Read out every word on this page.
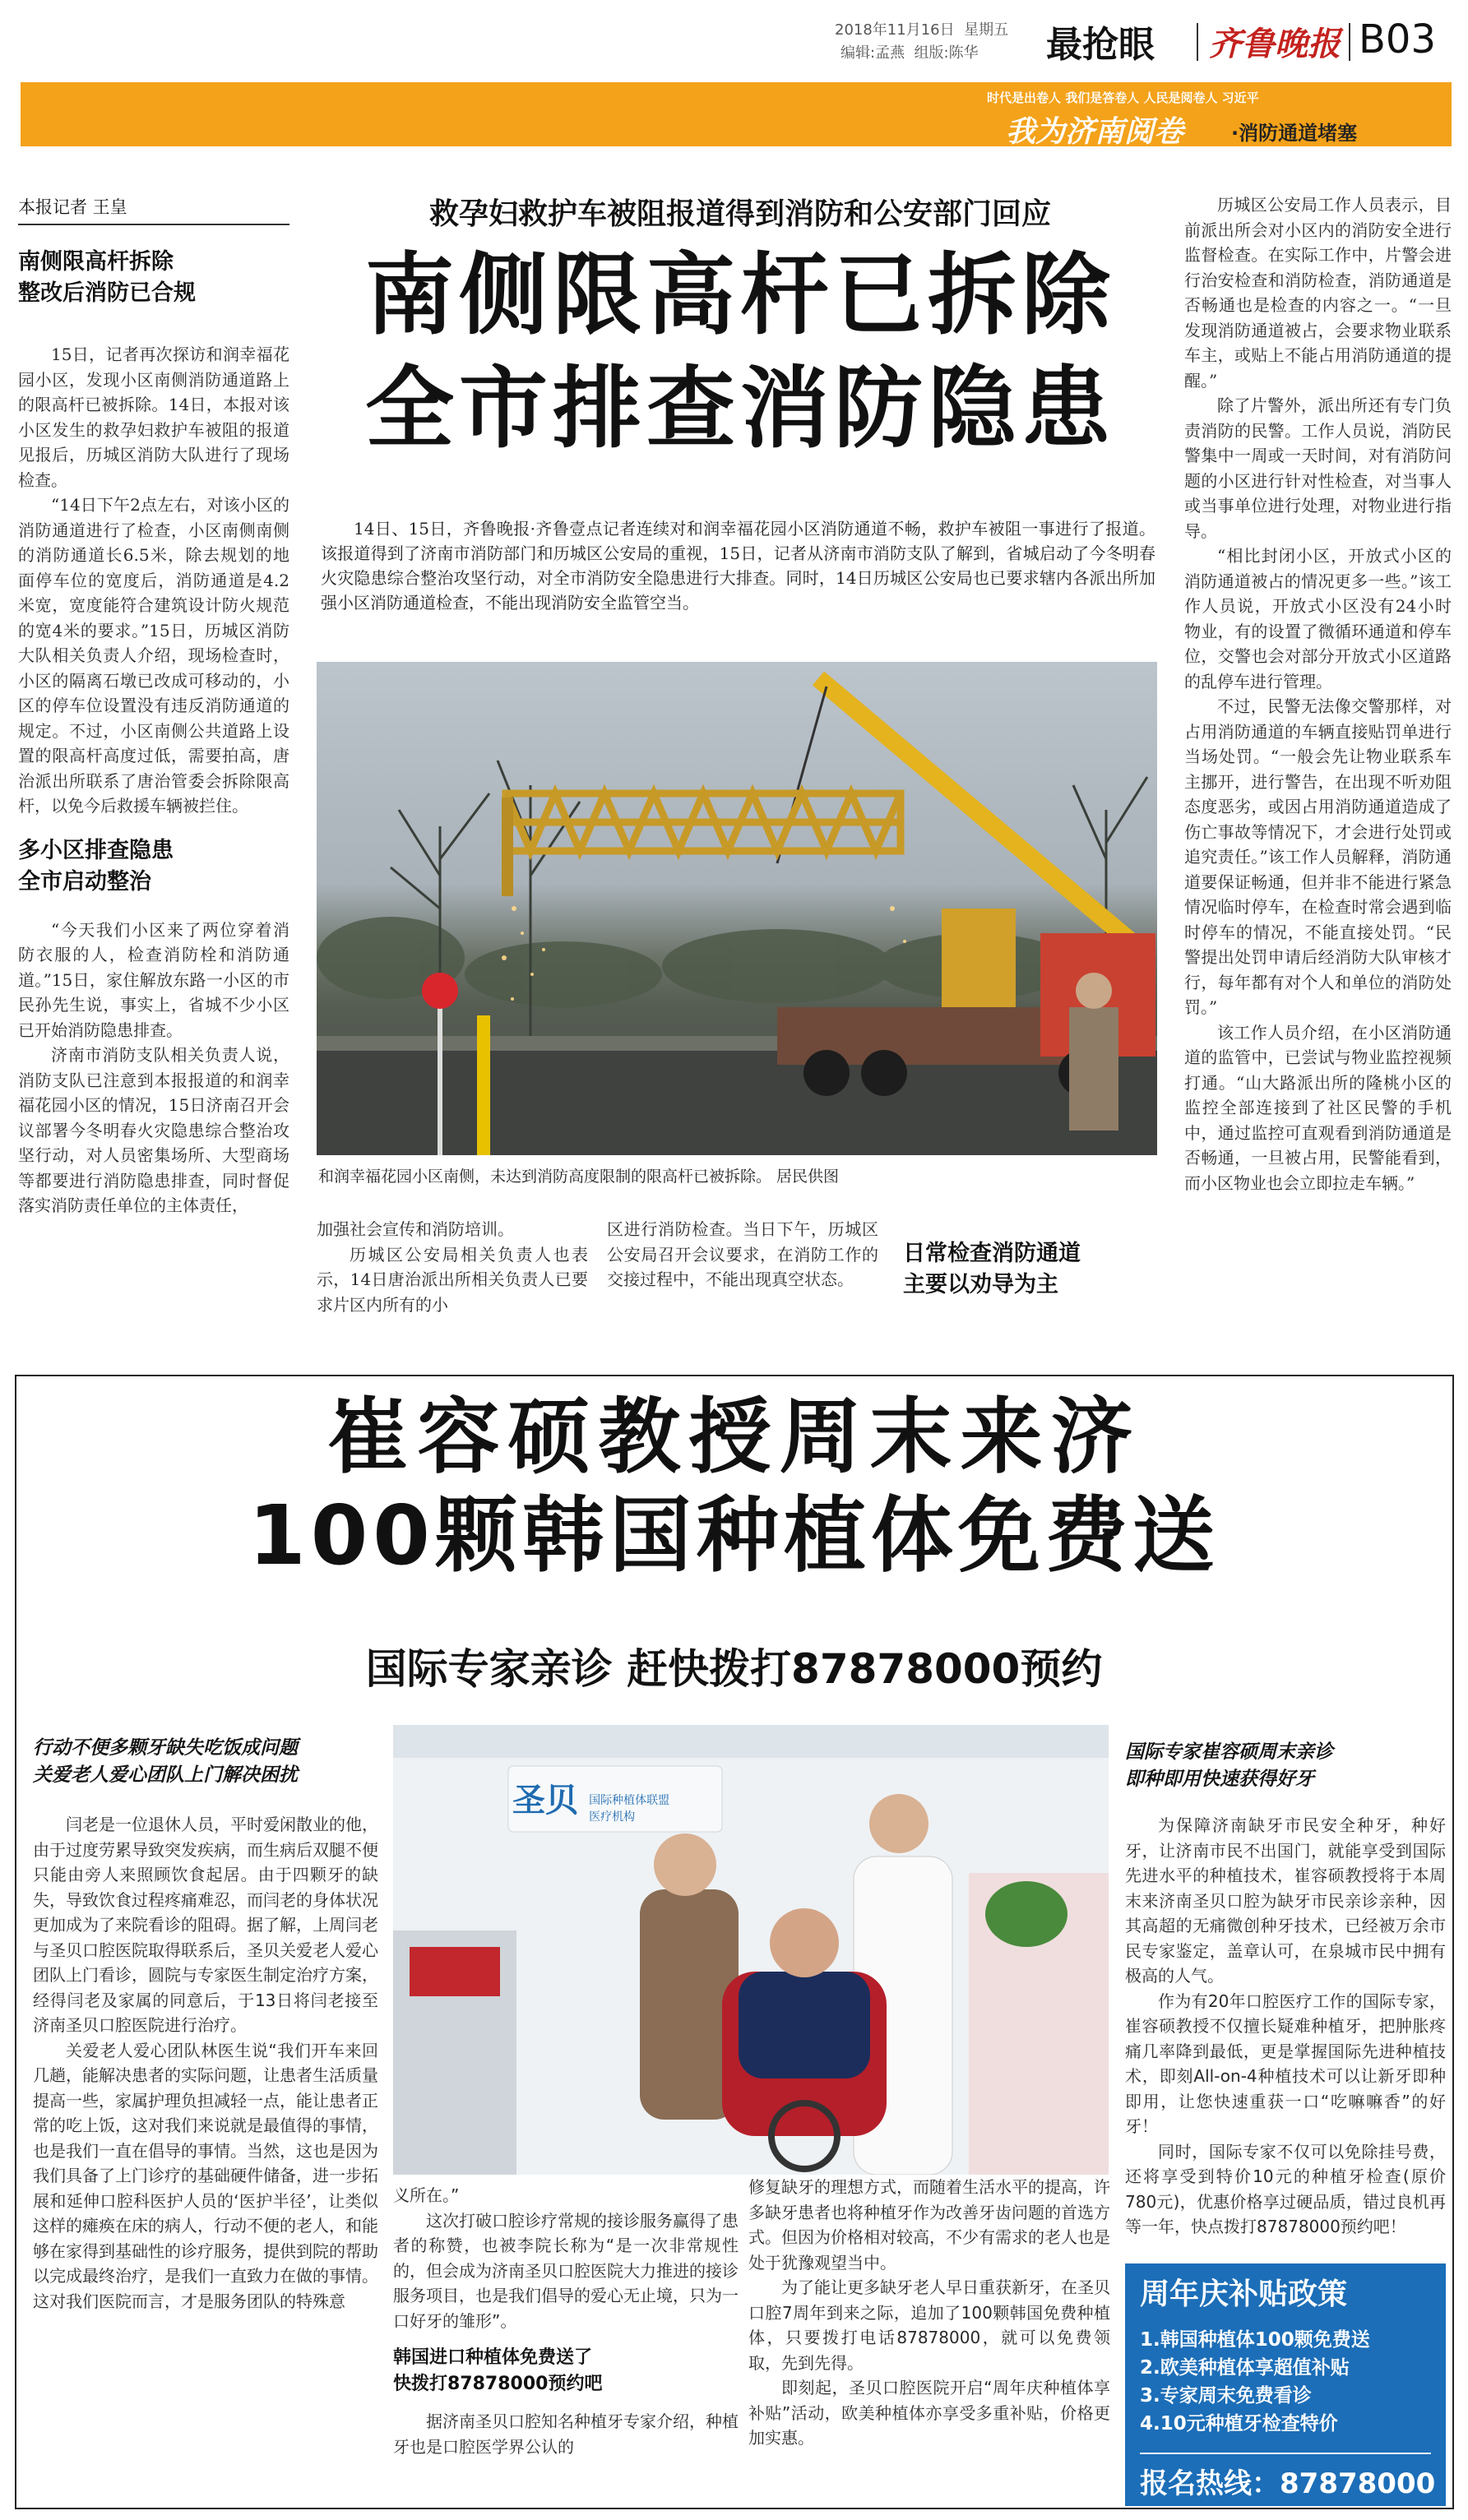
2018年11月16日 星期五
编辑:孟燕 组版:陈华 最抢眼 齐鲁晚报 B03
时代是出卷人 我们是答卷人 人民是阅卷人 习近平
我为济南阅卷 ·消防通道堵塞
本报记者 王皇
南侧限高杆拆除
整改后消防已合规

15日，记者再次探访和润幸福花园小区，发现小区南侧消防通道路上的限高杆已被拆除。14日，本报对该小区发生的救孕妇救护车被阻的报道见报后，历城区消防大队进行了现场检查。

“14日下午2点左右，对该小区的消防通道进行了检查，小区南侧南侧的消防通道长6.5米，除去规划的地面停车位的宽度后，消防通道是4.2米宽，宽度能符合建筑设计防火规范的宽4米的要求。”15日，历城区消防大队相关负责人介绍，现场检查时，小区的隔离石墩已改成可移动的，小区的停车位设置没有违反消防通道的规定。不过，小区南侧公共道路上设置的限高杆高度过低，需要拍高，唐治派出所联系了唐治管委会拆除限高杆，以免今后救援车辆被拦住。

多小区排查隐患
全市启动整治

“今天我们小区来了两位穿着消防衣服的人，检查消防栓和消防通道。”15日，家住解放东路一小区的市民孙先生说，事实上，省城不少小区已开始消防隐患排查。

济南市消防支队相关负责人说，消防支队已注意到本报报道的和润幸福花园小区的情况，15日济南召开会议部署今冬明春火灾隐患综合整治攻坚行动，对人员密集场所、大型商场等都要进行消防隐患排查，同时督促落实消防责任单位的主体责任，

救孕妇救护车被阻报道得到消防和公安部门回应
南侧限高杆已拆除
全市排查消防隐患

14日、15日，齐鲁晚报·齐鲁壹点记者连续对和润幸福花园小区消防通道不畅，救护车被阻一事进行了报道。该报道得到了济南市消防部门和历城区公安局的重视，15日，记者从济南市消防支队了解到，省城启动了今冬明春火灾隐患综合整治攻坚行动，对全市消防安全隐患进行大排查。同时，14日历城区公安局也已要求辖内各派出所加强小区消防通道检查，不能出现消防安全监管空当。

和润幸福花园小区南侧，未达到消防高度限制的限高杆已被拆除。 居民供图

加强社会宣传和消防培训。

历城区公安局相关负责人也表示，14日唐治派出所相关负责人已要求片区内所有的小

区进行消防检查。当日下午，历城区公安局召开会议要求，在消防工作的交接过程中，不能出现真空状态。

日常检查消防通道
主要以劝导为主

历城区公安局工作人员表示，目前派出所会对小区内的消防安全进行监督检查。在实际工作中，片警会进行治安检查和消防检查，消防通道是否畅通也是检查的内容之一。“一旦发现消防通道被占，会要求物业联系车主，或贴上不能占用消防通道的提醒。”

除了片警外，派出所还有专门负责消防的民警。工作人员说，消防民警集中一周或一天时间，对有消防问题的小区进行针对性检查，对当事人或当事单位进行处理，对物业进行指导。

“相比封闭小区，开放式小区的消防通道被占的情况更多一些。”该工作人员说，开放式小区没有24小时物业，有的设置了微循环通道和停车位，交警也会对部分开放式小区道路的乱停车进行管理。

不过，民警无法像交警那样，对占用消防通道的车辆直接贴罚单进行当场处罚。“一般会先让物业联系车主挪开，进行警告，在出现不听劝阻态度恶劣，或因占用消防通道造成了伤亡事故等情况下，才会进行处罚或追究责任。”该工作人员解释，消防通道要保证畅通，但并非不能进行紧急情况临时停车，在检查时常会遇到临时停车的情况，不能直接处罚。“民警提出处罚申请后经消防大队审核才行，每年都有对个人和单位的消防处罚。”

该工作人员介绍，在小区消防通道的监管中，已尝试与物业监控视频打通。“山大路派出所的隆桃小区的监控全部连接到了社区民警的手机中，通过监控可直观看到消防通道是否畅通，一旦被占用，民警能看到，而小区物业也会立即拉走车辆。”

崔容硕教授周末来济
100颗韩国种植体免费送
国际专家亲诊 赶快拨打87878000预约
行动不便多颗牙缺失吃饭成问题
关爱老人爱心团队上门解决困扰

闫老是一位退休人员，平时爱闲散业的他，由于过度劳累导致突发疾病，而生病后双腿不便只能由旁人来照顾饮食起居。由于四颗牙的缺失，导致饮食过程疼痛难忍，而闫老的身体状况更加成为了来院看诊的阻碍。据了解，上周闫老与圣贝口腔医院取得联系后，圣贝关爱老人爱心团队上门看诊，圆院与专家医生制定治疗方案，经得闫老及家属的同意后，于13日将闫老接至济南圣贝口腔医院进行治疗。

关爱老人爱心团队林医生说“我们开车来回几趟，能解决患者的实际问题，让患者生活质量提高一些，家属护理负担减轻一点，能让患者正常的吃上饭，这对我们来说就是最值得的事情，也是我们一直在倡导的事情。当然，这也是因为我们具备了上门诊疗的基础硬件储备，进一步拓展和延伸口腔科医护人员的‘医护半径’，让类似这样的瘫痪在床的病人，行动不便的老人，和能够在家得到基础性的诊疗服务，提供到院的帮助以完成最终治疗，是我们一直致力在做的事情。这对我们医院而言，才是服务团队的特殊意

圣贝 国际种植体联盟医疗机构

义所在。”

这次打破口腔诊疗常规的接诊服务赢得了患者的称赞，也被李院长称为“是一次非常规性的，但会成为济南圣贝口腔医院大力推进的接诊服务项目，也是我们倡导的爱心无止境，只为一口好牙的雏形”。

韩国进口种植体免费送了
快拨打87878000预约吧

据济南圣贝口腔知名种植牙专家介绍，种植牙也是口腔医学界公认的

修复缺牙的理想方式，而随着生活水平的提高，许多缺牙患者也将种植牙作为改善牙齿问题的首选方式。但因为价格相对较高，不少有需求的老人也是处于犹豫观望当中。

为了能让更多缺牙老人早日重获新牙，在圣贝口腔7周年到来之际，追加了100颗韩国免费种植体，只要拨打电话87878000，就可以免费领取，先到先得。

即刻起，圣贝口腔医院开启“周年庆种植体享补贴”活动，欧美种植体亦享受多重补贴，价格更加实惠。

国际专家崔容硕周末亲诊
即种即用快速获得好牙

为保障济南缺牙市民安全种牙，种好牙，让济南市民不出国门，就能享受到国际先进水平的种植技术，崔容硕教授将于本周末来济南圣贝口腔为缺牙市民亲诊亲种，因其高超的无痛微创种牙技术，已经被万余市民专家鉴定，盖章认可，在泉城市民中拥有极高的人气。

作为有20年口腔医疗工作的国际专家，崔容硕教授不仅擅长疑难种植牙，把肿胀疼痛几率降到最低，更是掌握国际先进种植技术，即刻All-on-4种植技术可以让新牙即种即用，让您快速重获一口“吃嘛嘛香”的好牙！

同时，国际专家不仅可以免除挂号费，还将享受到特价10元的种植牙检查(原价780元)，优惠价格享过硬品质，错过良机再等一年，快点拨打87878000预约吧！

周年庆补贴政策
1.韩国种植体100颗免费送
2.欧美种植体享超值补贴
3.专家周末免费看诊
4.10元种植牙检查特价
报名热线：87878000
